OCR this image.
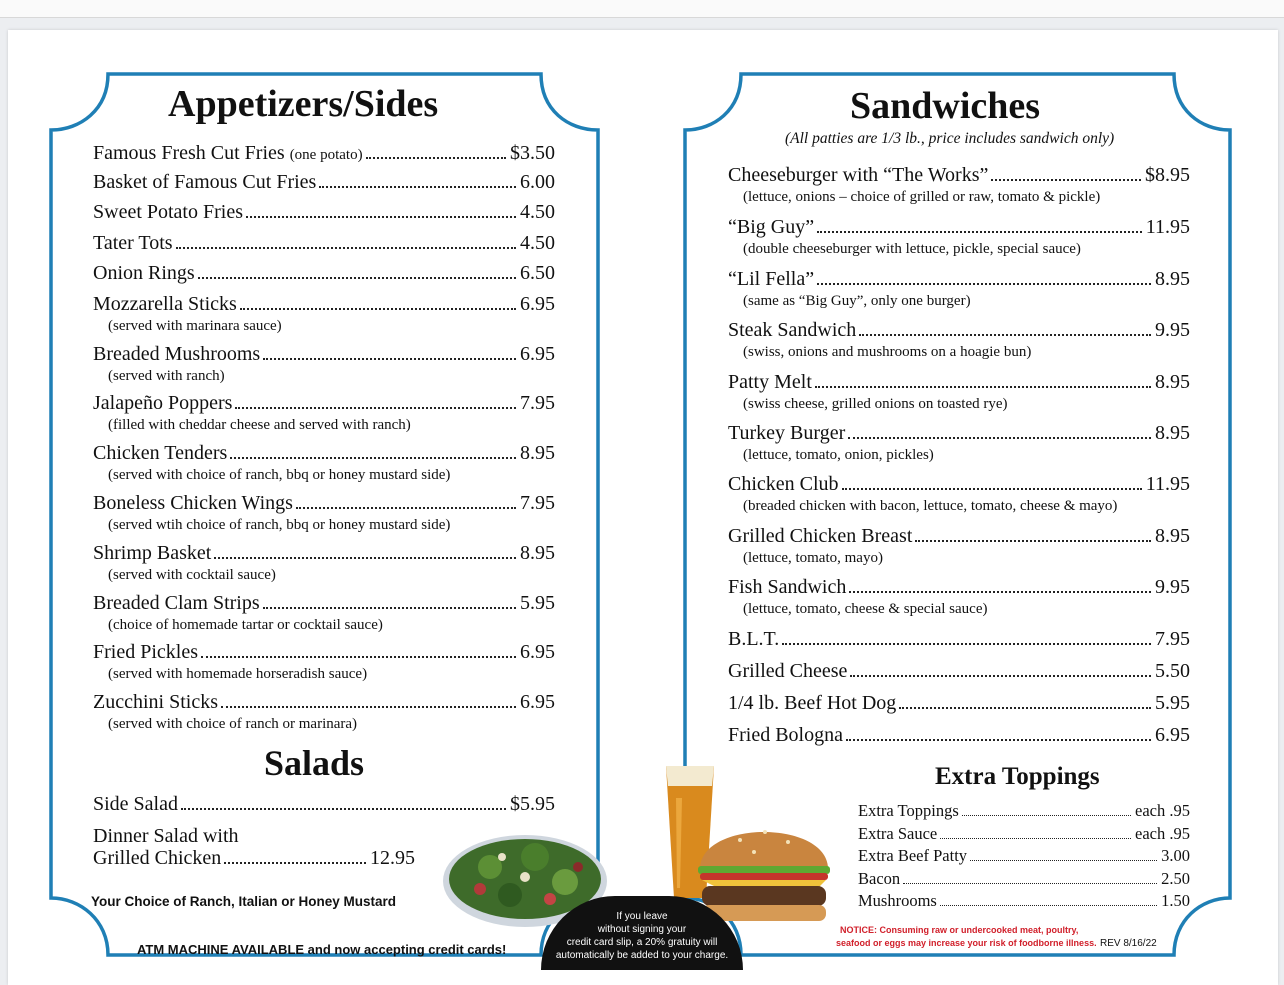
Appetizers/Sides
Famous Fresh Cut Fries (one potato)	$3.50
Basket of Famous Cut Fries	6.00
Sweet Potato Fries	4.50
Tater Tots	4.50
Onion Rings	6.50
Mozzarella Sticks	6.95
(served with marinara sauce)
Breaded Mushrooms	6.95
(served with ranch)
Jalapeño Poppers	7.95
(filled with cheddar cheese and served with ranch)
Chicken Tenders	8.95
(served with choice of ranch, bbq or honey mustard side)
Boneless Chicken Wings	7.95
(served wtih choice of ranch, bbq or honey mustard side)
Shrimp Basket	8.95
(served with cocktail sauce)
Breaded Clam Strips	5.95
(choice of homemade tartar or cocktail sauce)
Fried Pickles	6.95
(served with homemade horseradish sauce)
Zucchini Sticks	6.95
(served with choice of ranch or marinara)
Salads
Side Salad	$5.95
Dinner Salad with
Grilled Chicken	12.95
Your Choice of Ranch, Italian or Honey Mustard
ATM MACHINE AVAILABLE and now accepting credit cards!
Sandwiches
(All patties are 1/3 lb., price includes sandwich only)
Cheeseburger with “The Works”	$8.95
(lettuce, onions – choice of grilled or raw, tomato & pickle)
“Big Guy”	11.95
(double cheeseburger with lettuce, pickle, special sauce)
“Lil Fella”	8.95
(same as “Big Guy”, only one burger)
Steak Sandwich	9.95
(swiss, onions and mushrooms on a hoagie bun)
Patty Melt	8.95
(swiss cheese, grilled onions on toasted rye)
Turkey Burger	8.95
(lettuce, tomato, onion, pickles)
Chicken Club	11.95
(breaded chicken with bacon, lettuce, tomato, cheese & mayo)
Grilled Chicken Breast	8.95
(lettuce, tomato, mayo)
Fish Sandwich	9.95
(lettuce, tomato, cheese & special sauce)
B.L.T.	7.95
Grilled Cheese	5.50
1/4 lb. Beef Hot Dog	5.95
Fried Bologna	6.95
Extra Toppings
Extra Toppings	each .95
Extra Sauce	each .95
Extra Beef Patty	3.00
Bacon	2.50
Mushrooms	1.50
If you leave
without signing your
credit card slip, a 20% gratuity will
automatically be added to your charge.
NOTICE: Consuming raw or undercooked meat, poultry,
seafood or eggs may increase your risk of foodborne illness. REV 8/16/22
